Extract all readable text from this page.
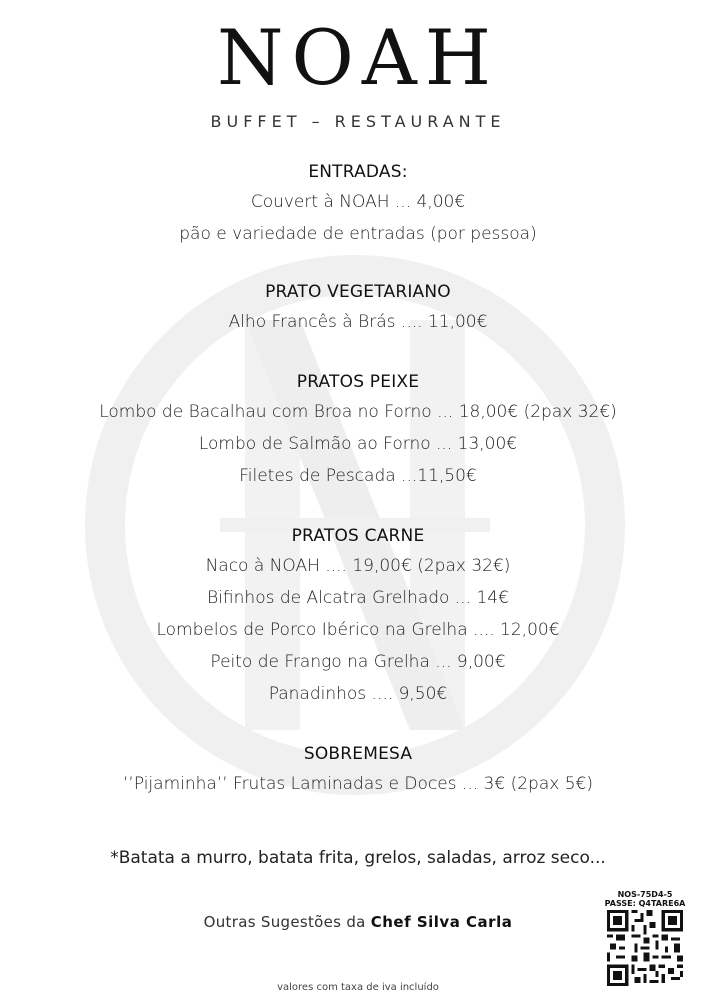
NOAH
BUFFET – RESTAURANTE
ENTRADAS:
Couvert à NOAH ... 4,00€
pão e variedade de entradas (por pessoa)
PRATO VEGETARIANO
Alho Francês à Brás .... 11,00€
PRATOS PEIXE
Lombo de Bacalhau com Broa no Forno ... 18,00€ (2pax 32€)
Lombo de Salmão ao Forno ... 13,00€
Filetes de Pescada ...11,50€
PRATOS CARNE
Naco à NOAH .... 19,00€ (2pax 32€)
Bifinhos de Alcatra Grelhado ... 14€
Lombelos de Porco Ibérico na Grelha .... 12,00€
Peito de Frango na Grelha ... 9,00€
Panadinhos .... 9,50€
SOBREMESA
’’Pijaminha’’ Frutas Laminadas e Doces ... 3€ (2pax 5€)
*Batata a murro, batata frita, grelos, saladas, arroz seco...
Outras Sugestões da Chef Silva Carla
valores com taxa de iva incluído
NOS-75D4-5
PASSE: Q4TARE6A
